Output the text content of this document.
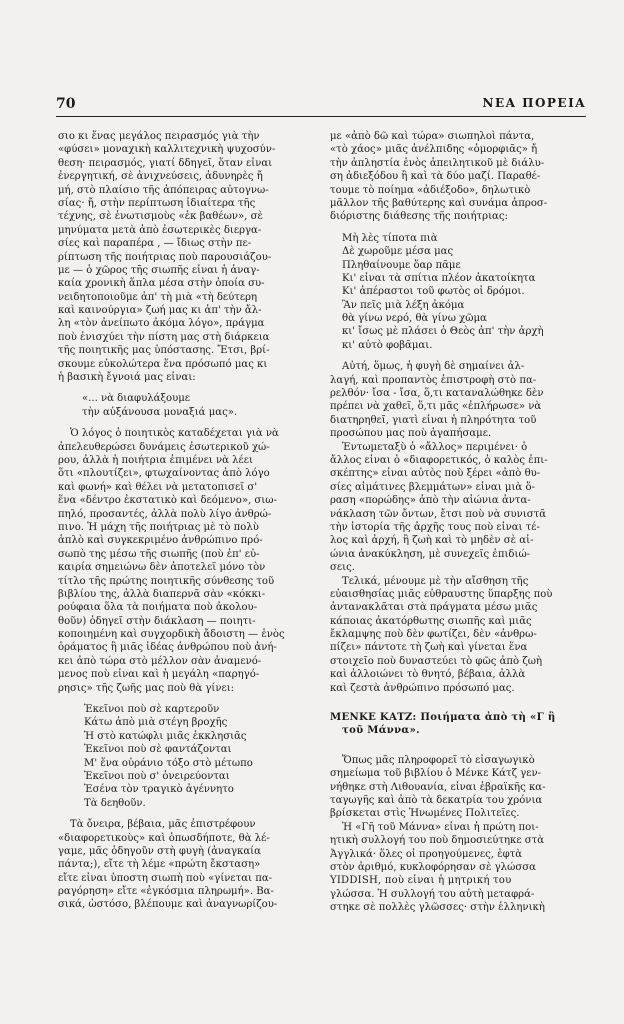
70	ΝΕΑ ΠΟΡΕΙΑ
σιο κι ἕνας μεγάλος πειρασμός γιὰ τὴν
«φύσει» μοναχικὴ καλλιτεχνικὴ ψυχοσύν-
θεση· πειρασμός, γιατί δδηγεῖ, ὅταν εἶναι
ἐνεργητική, σὲ ἀνιχνεύσεις, ἀδυνηρὲς ἤ
μή, στὸ πλαίσιο τῆς ἀπόπειρας αὐτογνω-
σίας· ἤ, στὴν περίπτωση ἰδιαίτερα τῆς
τέχνης, σὲ ἐνωτισμοὺς «ἐκ βαθέων», σὲ
μηνύματα μετὰ ἀπὸ ἐσωτερικὲς διεργα-
σίες καὶ παραπέρα , — ἴδιως στὴν πε-
ρίπτωση τῆς ποιήτριας ποὺ παρουσιάζου-
με — ὁ χῶρος τῆς σιωπῆς εἶναι ἡ ἀναγ-
καία χρονικὴ ἅπλα μέσα στὴν ὁποία συ-
νειδητοποιοῦμε ἀπ' τὴ μιὰ «τὴ δεύτερη
καὶ καινούργια» ζωή μας κι ἀπ' τὴν ἄλ-
λη «τὸν ἀνείπωτο ἀκόμα λόγο», πράγμα
ποὺ ἐνισχύει τὴν πίστη μας στὴ διάρκεια
τῆς ποιητικῆς μας ὑπόστασης. Ἔτσι, βρί-
σκουμε εὐκολώτερα ἕνα πρόσωπό μας κι
ἡ βασικὴ ἔγνοιά μας εἶναι:
«... νὰ διαφυλάξουμε
τὴν αὐξάνουσα μοναξιά μας».
Ὁ λόγος ὁ ποιητικὸς καταδέχεται γιὰ νὰ
ἀπελευθερώσει δυνάμεις ἐσωτερικοῦ χώ-
ρου, ἀλλὰ ἡ ποιήτρια ἐπιμένει νὰ λέει
ὅτι «πλουτίζει», φτωχαίνοντας ἀπὸ λόγο
καὶ φωνή» καὶ θέλει νὰ μετατοπισεῖ σ'
ἕνα «δέντρο ἐκστατικὸ καὶ δεόμενο», σιω-
πηλό, προσαντές, ἀλλὰ πολὺ λίγο ἀνθρώ-
πινο. Ἡ μάχη τῆς ποιήτριας μὲ τὸ πολὺ
ἁπλὸ καὶ συγκεκριμένο ἀνθρώπινο πρό-
σωπὸ της μέσω τῆς σιωπῆς (ποὺ ἐπ' εὐ-
καιρία σημειώνω δὲν ἀποτελεῖ μόνο τὸν
τίτλο τῆς πρώτης ποιητικῆς σύνθεσης τοῦ
βιβλίου της, ἀλλὰ διαπερνᾶ σὰν «κόκκι-
ρούφαια ὅλα τὰ ποιήματα ποὺ ἀκολου-
θοῦν) ὁδηγεῖ στὴν διάκλαση — ποιητι-
κοποιημένη καὶ συγχορδικὴ ἄδοιστη — ἑνὸς
ὁράματος ἢ μιᾶς ἰδέας ἀνθρώπου ποὺ ἀνή-
κει ἀπὸ τώρα στὸ μέλλον σὰν ἀναμενό-
μενος ποὺ εἶναι καὶ ἡ μεγάλη «παρηγό-
ρησις» τῆς ζωῆς μας ποὺ θὰ γίνει:
Ἐκεῖνοι ποὺ σὲ καρτεροῦν
Κάτω ἀπὸ μιὰ στέγη βροχῆς
Ἡ στὸ κατώφλι μιᾶς ἐκκλησιᾶς
Ἐκεῖνοι ποὺ σὲ φαντάζονται
Μ' ἕνα οὐράνιο τόξο στὸ μέτωπο
Ἐκεῖνοι ποὺ σ' ὀνειρεύονται
Ἐσένα τὸν τραγικὸ ἀγέννητο
Τὰ δεηθοῦν.
Τὰ ὄνειρα, βέβαια, μᾶς ἐπιστρέφουν
«διαφορετικοὺς» καὶ ὁπωσδήποτε, θὰ λέ-
γαμε, μᾶς ὁδηγοῦν στὴ φυγὴ (ἀναγκαία
πάντα;), εἴτε τὴ λέμε «πρώτη ἔκσταση»
εἴτε εἶναι ὑποστη σιωπὴ ποὺ «γίνεται πα-
ραγόρηση» εἴτε «ἐγκόσμια πληρωμή». Βα-
σικά, ὡστόσο, βλέπουμε καὶ ἀναγνωρίζου-
με «ἀπὸ δῶ καὶ τώρα» σιωπηλοὶ πάντα,
«τὸ χάος» μιᾶς ἀνέλπιδης «ὁμορφιᾶς» ἤ
τὴν ἀπληστία ἑνὸς ἀπειλητικοῦ μὲ διάλυ-
ση ἀδιεξόδου ἢ καὶ τὰ δύο μαζί. Παραθέ-
τουμε τὸ ποίημα «ἀδιέξοδο», δηλωτικὸ
μᾶλλον τῆς βαθύτερης καὶ συνάμα ἀπροσ-
διόριστης διάθεσης τῆς ποιήτριας:
Μὴ λὲς τίποτα πιὰ
Δὲ χωροῦμε μέσα μας
Πληθαίνουμε ὅαρ πᾶμε
Κι' εἶναι τὰ σπίτια πλέον ἀκατοίκητα
Κι' ἀπέραστοι τοῦ φωτὸς οἱ δρόμοι.
Ἂν πεῖς μιὰ λέξη ἀκόμα
θὰ γίνω νερό, θὰ γίνω χῶμα
κι' ἴσως μὲ πλάσει ὁ Θεὸς ἀπ' τὴν ἀρχὴ
κι' αὐτὸ φοβᾶμαι.
Αὐτή, ὅμως, ἡ φυγὴ δὲ σημαίνει ἀλ-
λαγή, καὶ προπαντὸς ἐπιστροφὴ στὸ πα-
ρελθόν· ἴσα - ἴσα, ὅ,τι καταναλώθηκε δὲν
πρέπει νὰ χαθεῖ, ὅ,τι μᾶς «ἐπλήρωσε» νὰ
διατηρηθεῖ, γιατὶ εἶναι ἡ πληρότητα τοῦ
προσώπου μας ποὺ ἀγαπήσαμε.
Ἐντωμεταξὺ ὁ «ἄλλος» περιμένει· ὁ
ἄλλος εἶναι ὁ «διαφορετικός, ὁ καλὸς ἐπι-
σκέπτης» εἶναι αὐτὸς ποὺ ξέρει «ἀπὸ θυ-
σίες αἱμάτινες βλεμμάτων» εἶναι μιὰ ὅ-
ραση «πορώδης» ἀπὸ τὴν αἰώνια ἀντα-
νάκλαση τῶν ὄντων, ἔτσι ποὺ νὰ συνιστᾶ
τὴν ἱστορία τῆς ἀρχῆς τους ποὺ εἶναι τέ-
λος καὶ ἀρχή, ἢ ζωὴ καὶ τὸ μηδὲν σὲ αἰ-
ώνια ἀνακύκληση, μὲ συνεχεῖς ἐπιδιώ-
σεις.
Τελικά, μένουμε μὲ τὴν αἴσθηση τῆς
εὐαισθησίας μιᾶς εὐθραυστης ὕπαρξης ποὺ
ἀντανακλᾶται στὰ πράγματα μέσω μιᾶς
κάποιας ἀκατόρθωτης σιωπῆς καὶ μιᾶς
ἔκλαμψης ποὺ δὲν φωτίζει, δὲν «ἀνθρω-
πίζει» πάντοτε τὴ ζωὴ καὶ γίνεται ἕνα
στοιχεῖο ποὺ δυναστεύει τὸ φῶς ἀπὸ ζωὴ
καὶ ἀλλοιώνει τὸ θνητό, βέβαια, ἀλλὰ
καὶ ζεστὰ ἀνθρώπινο πρόσωπό μας.
ΜΕΝΚΕ ΚΑΤΖ: Ποιήματα ἀπὸ τὴ «Γ ἢ
τοῦ Μάννα».
Ὅπως μᾶς πληροφορεῖ τὸ εἰσαγωγικὸ
σημείωμα τοῦ βιβλίου ὁ Μένκε Κάτζ γεν-
νήθηκε στὴ Λιθουανία, εἶναι ἑβραϊκῆς κα-
ταγωγῆς καὶ ἀπὸ τὰ δεκατρία του χρόνια
βρίσκεται στὶς Ἡνωμένες Πολιτεῖες.
Ἡ «Γῆ τοῦ Μάννα» εἶναι ἡ πρώτη ποι-
ητικὴ συλλογή του ποὺ δημοσιεύτηκε στὰ
Ἀγγλικά· ὅλες οἱ προηγούμενες, ἑφτὰ
στὸν ἀριθμό, κυκλοφόρησαν σὲ γλώσσα
YIDDISH, ποὺ εἶναι ἡ μητρική του
γλώσσα. Ἡ συλλογή του αὐτὴ μεταφρά-
στηκε σὲ πολλὲς γλῶσσες· στὴν ἑλληνικὴ
